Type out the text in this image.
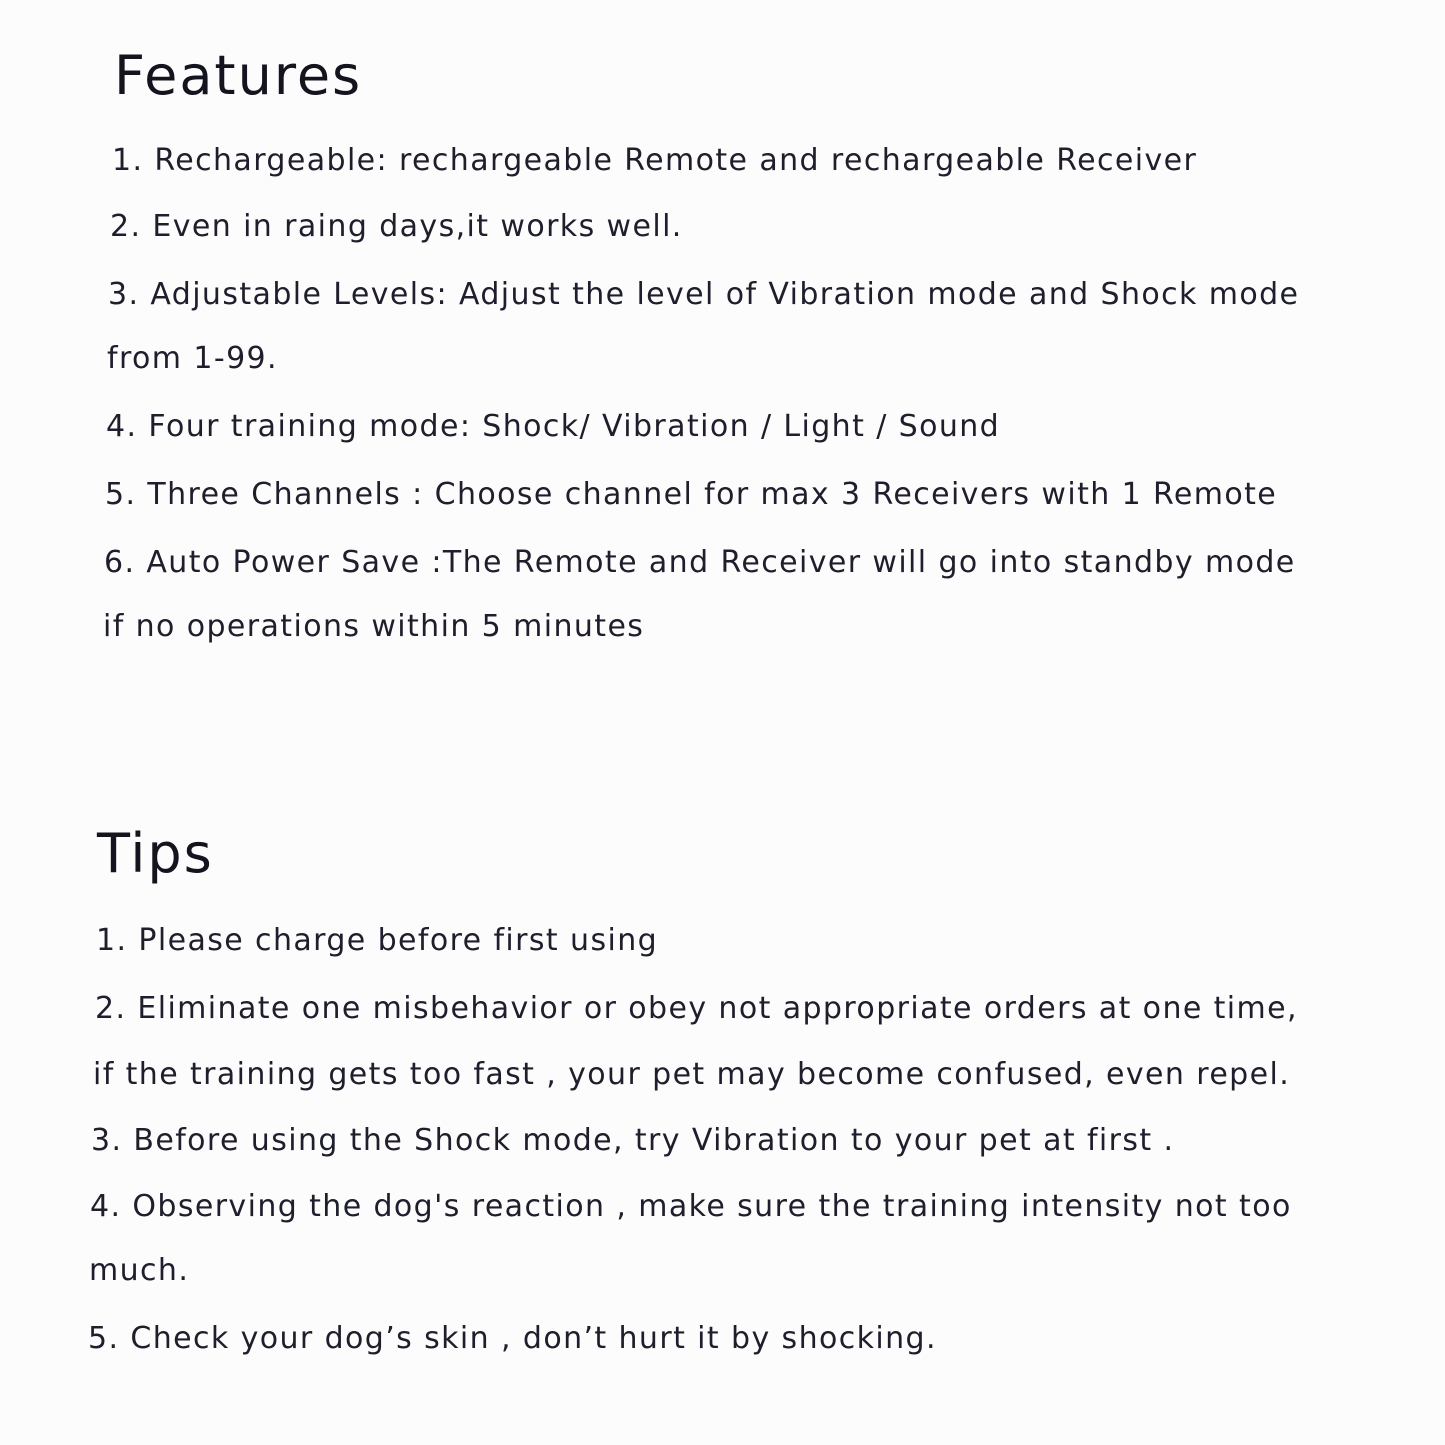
Features

1. Rechargeable: rechargeable Remote and rechargeable Receiver

2. Even in raing days,it works well.

3. Adjustable Levels: Adjust the level of Vibration mode and Shock mode

from 1-99.

4. Four training mode: Shock/ Vibration / Light / Sound

5. Three Channels : Choose channel for max 3 Receivers with 1 Remote

6. Auto Power Save :The Remote and Receiver will go into standby mode

if no operations within 5 minutes

Tips

1. Please charge before first using

2. Eliminate one misbehavior or obey not appropriate orders at one time,

if the training gets too fast , your pet may become confused, even repel.

3. Before using the Shock mode, try Vibration to your pet at first .

4. Observing the dog's reaction , make sure the training intensity not too

much.

5. Check your dog’s skin , don’t hurt it by shocking.
